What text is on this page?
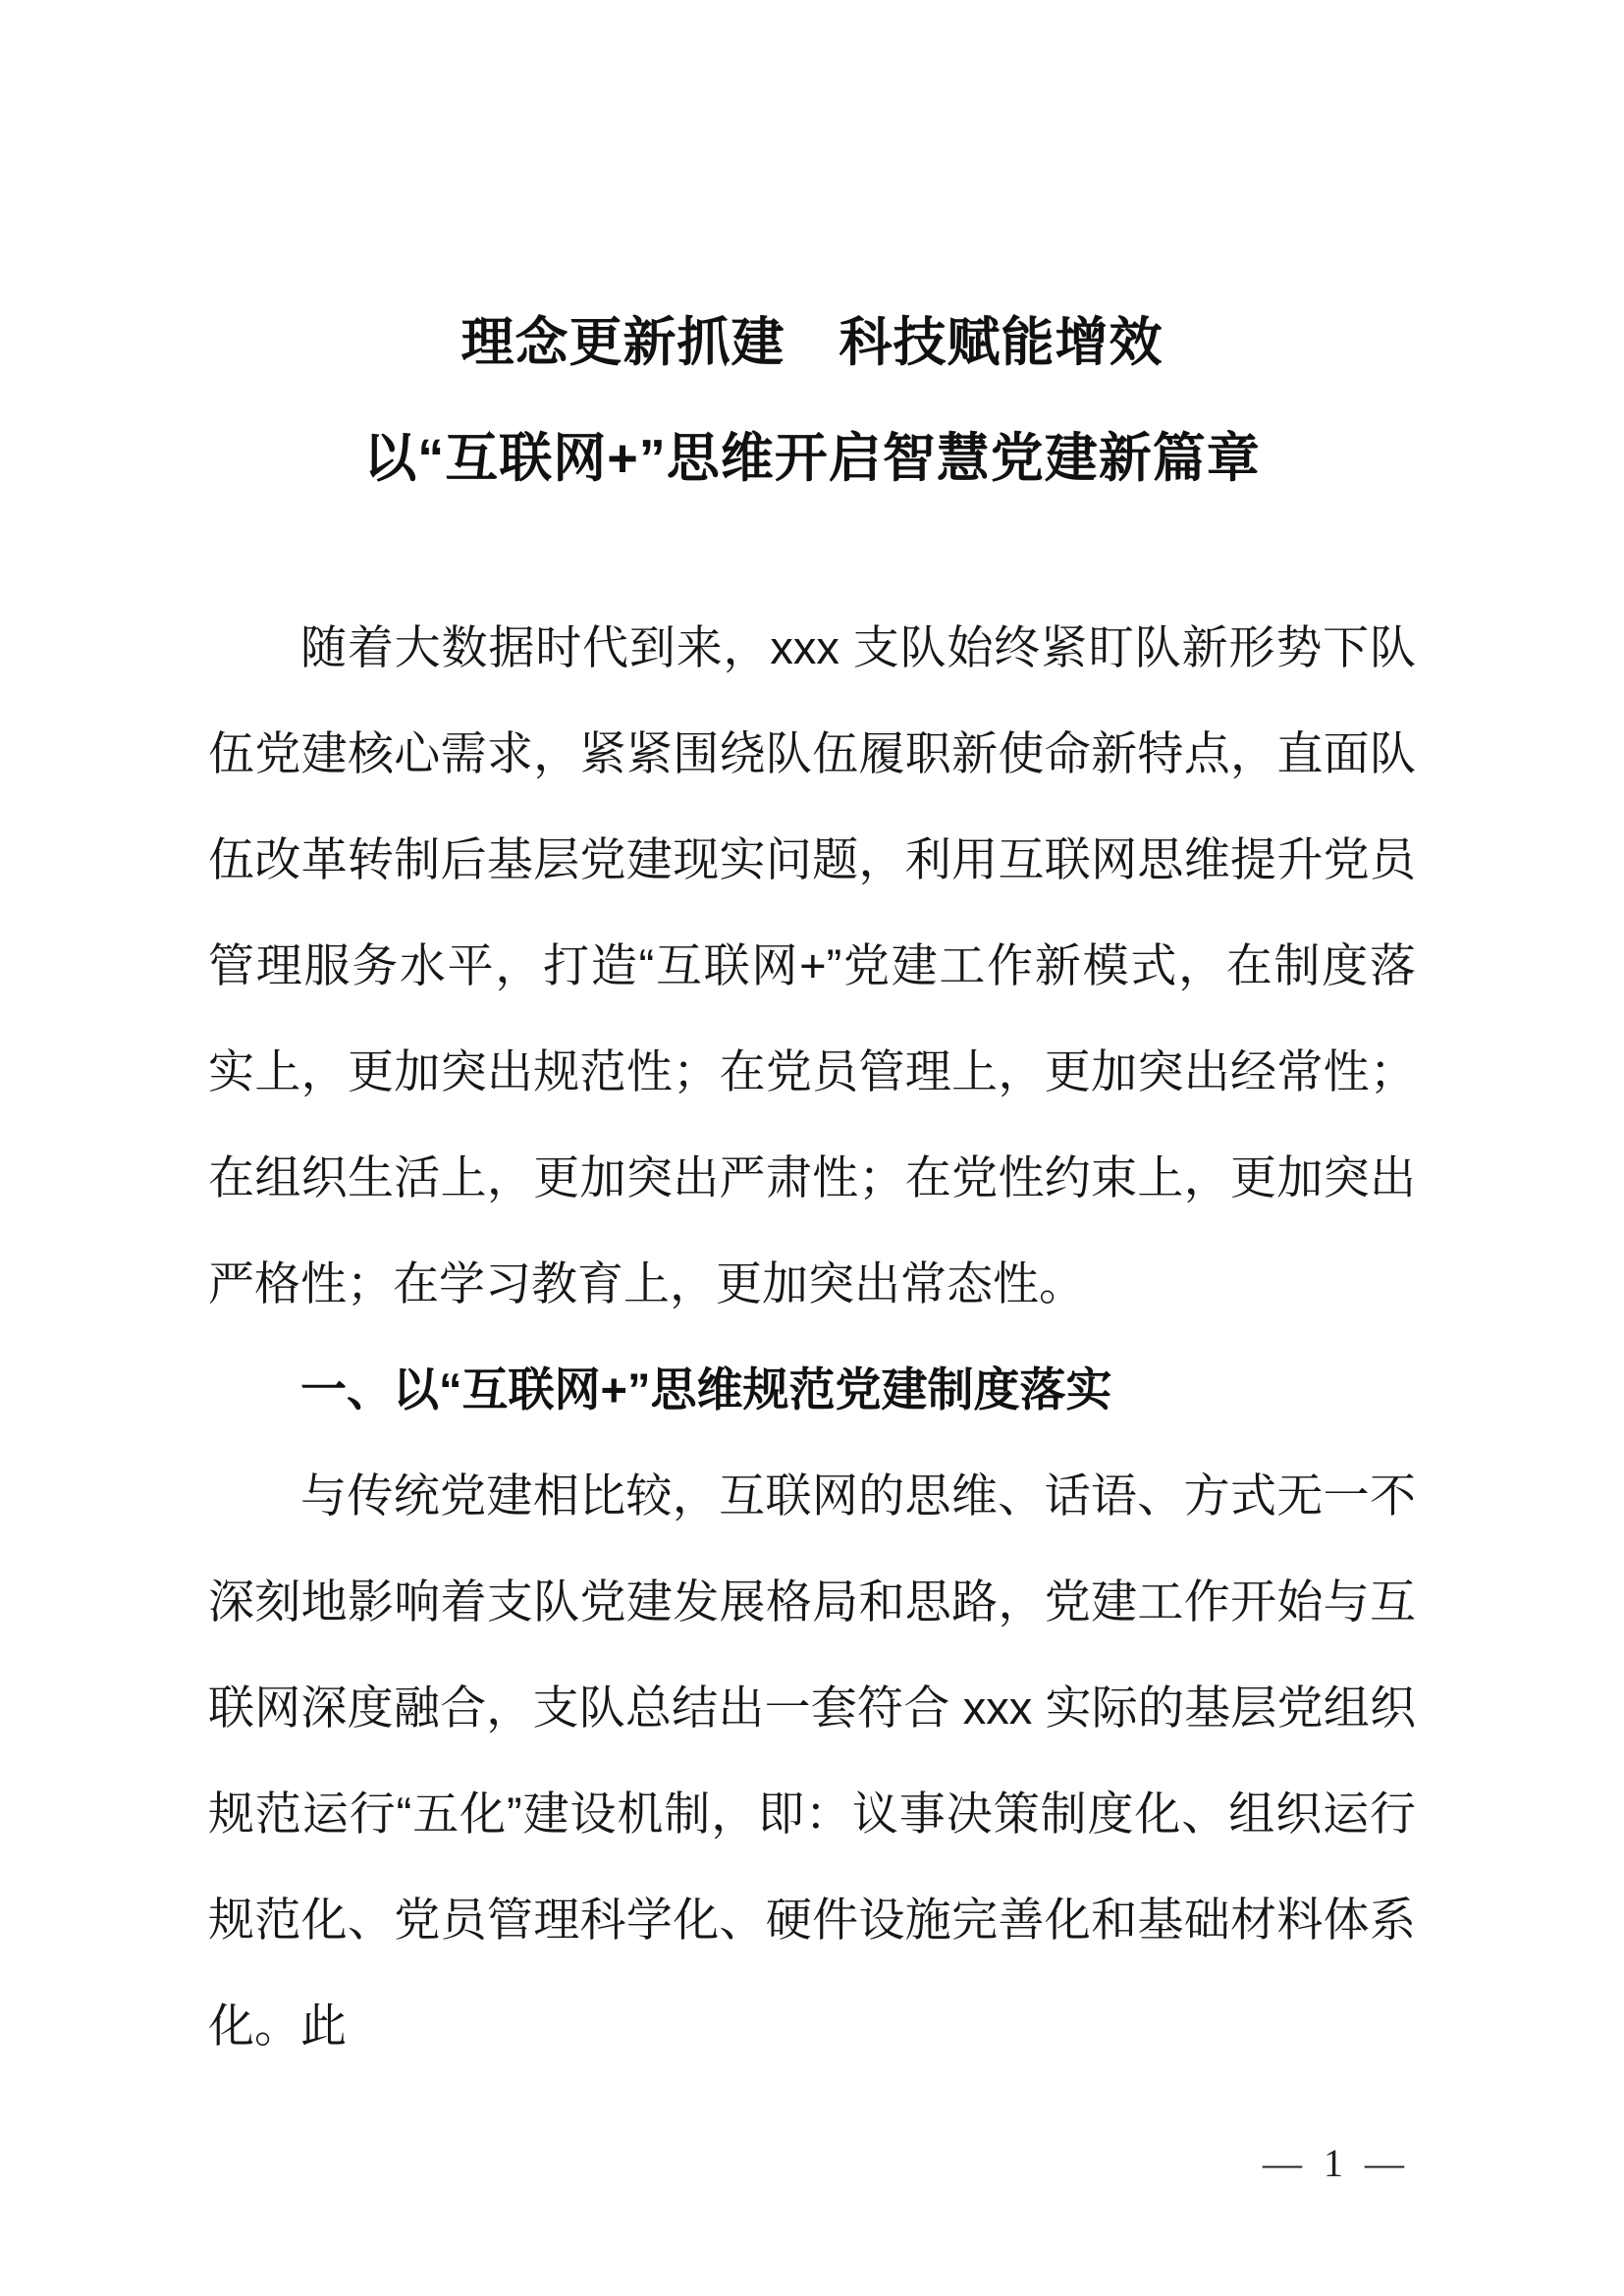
理念更新抓建　科技赋能增效
以“互联网+”思维开启智慧党建新篇章

随着大数据时代到来，xxx 支队始终紧盯队新形势下队伍党建核心需求，紧紧围绕队伍履职新使命新特点，直面队伍改革转制后基层党建现实问题，利用互联网思维提升党员管理服务水平，打造“互联网+”党建工作新模式，在制度落实上，更加突出规范性；在党员管理上，更加突出经常性；在组织生活上，更加突出严肃性；在党性约束上，更加突出严格性；在学习教育上，更加突出常态性。

一、以“互联网+”思维规范党建制度落实

与传统党建相比较，互联网的思维、话语、方式无一不深刻地影响着支队党建发展格局和思路，党建工作开始与互联网深度融合，支队总结出一套符合 xxx 实际的基层党组织规范运行“五化”建设机制，即：议事决策制度化、组织运行规范化、党员管理科学化、硬件设施完善化和基础材料体系化。此

— 1 —
